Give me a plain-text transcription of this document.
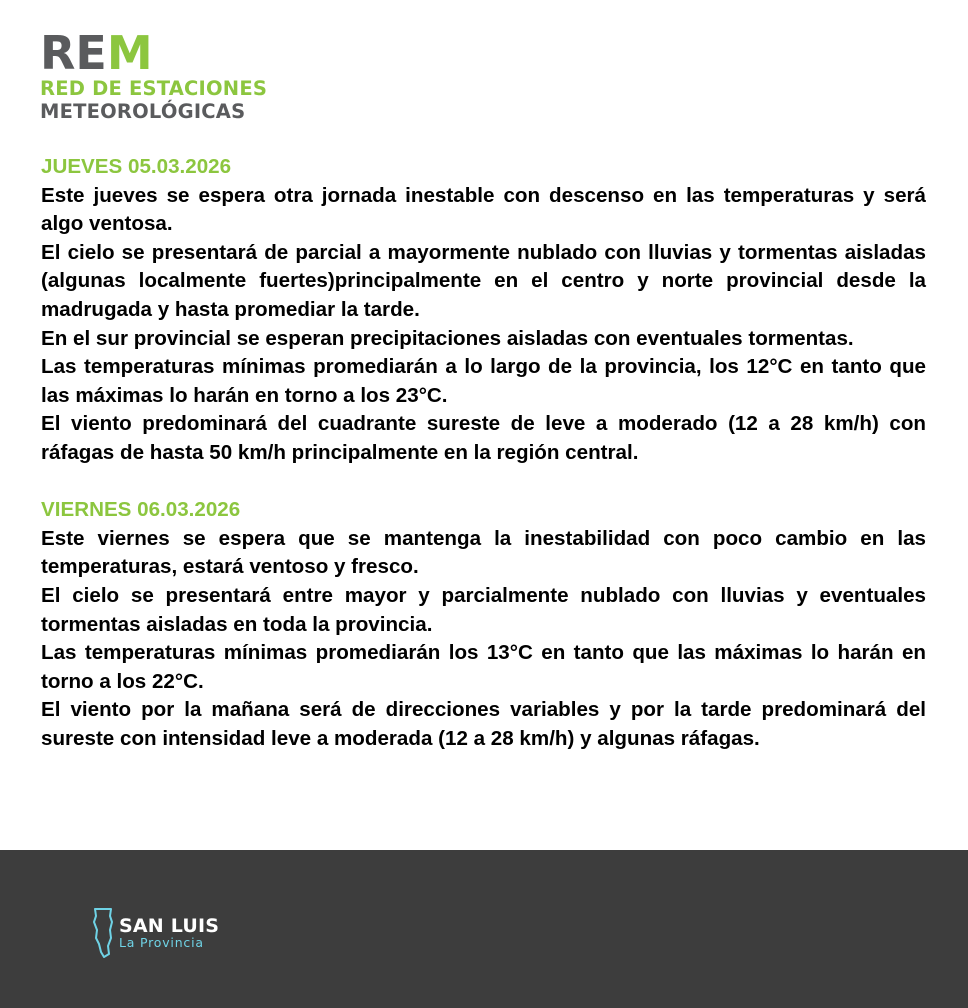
REM
RED DE ESTACIONES
METEOROLÓGICAS

JUEVES 05.03.2026

Este jueves se espera otra jornada inestable con descenso en las temperaturas y será algo ventosa.

El cielo se presentará de parcial a mayormente nublado con lluvias y tormentas aisladas (algunas localmente fuertes)principalmente en el centro y norte provincial desde la madrugada y hasta promediar la tarde.

En el sur provincial se esperan precipitaciones aisladas con eventuales tormentas.

Las temperaturas mínimas promediarán a lo largo de la provincia, los 12°C en tanto que las máximas lo harán en torno a los 23°C.

El viento predominará del cuadrante sureste de leve a moderado (12 a 28 km/h) con ráfagas de hasta 50 km/h principalmente en la región central.

VIERNES 06.03.2026

Este viernes se espera que se mantenga la inestabilidad con poco cambio en las temperaturas, estará ventoso y fresco.

El cielo se presentará entre mayor y parcialmente nublado con lluvias y eventuales tormentas aisladas en toda la provincia.

Las temperaturas mínimas promediarán los 13°C en tanto que las máximas lo harán en torno a los 22°C.

El viento por la mañana será de direcciones variables y por la tarde predominará del sureste con intensidad leve a moderada (12 a 28 km/h) y algunas ráfagas.

SAN LUIS
La Provincia
